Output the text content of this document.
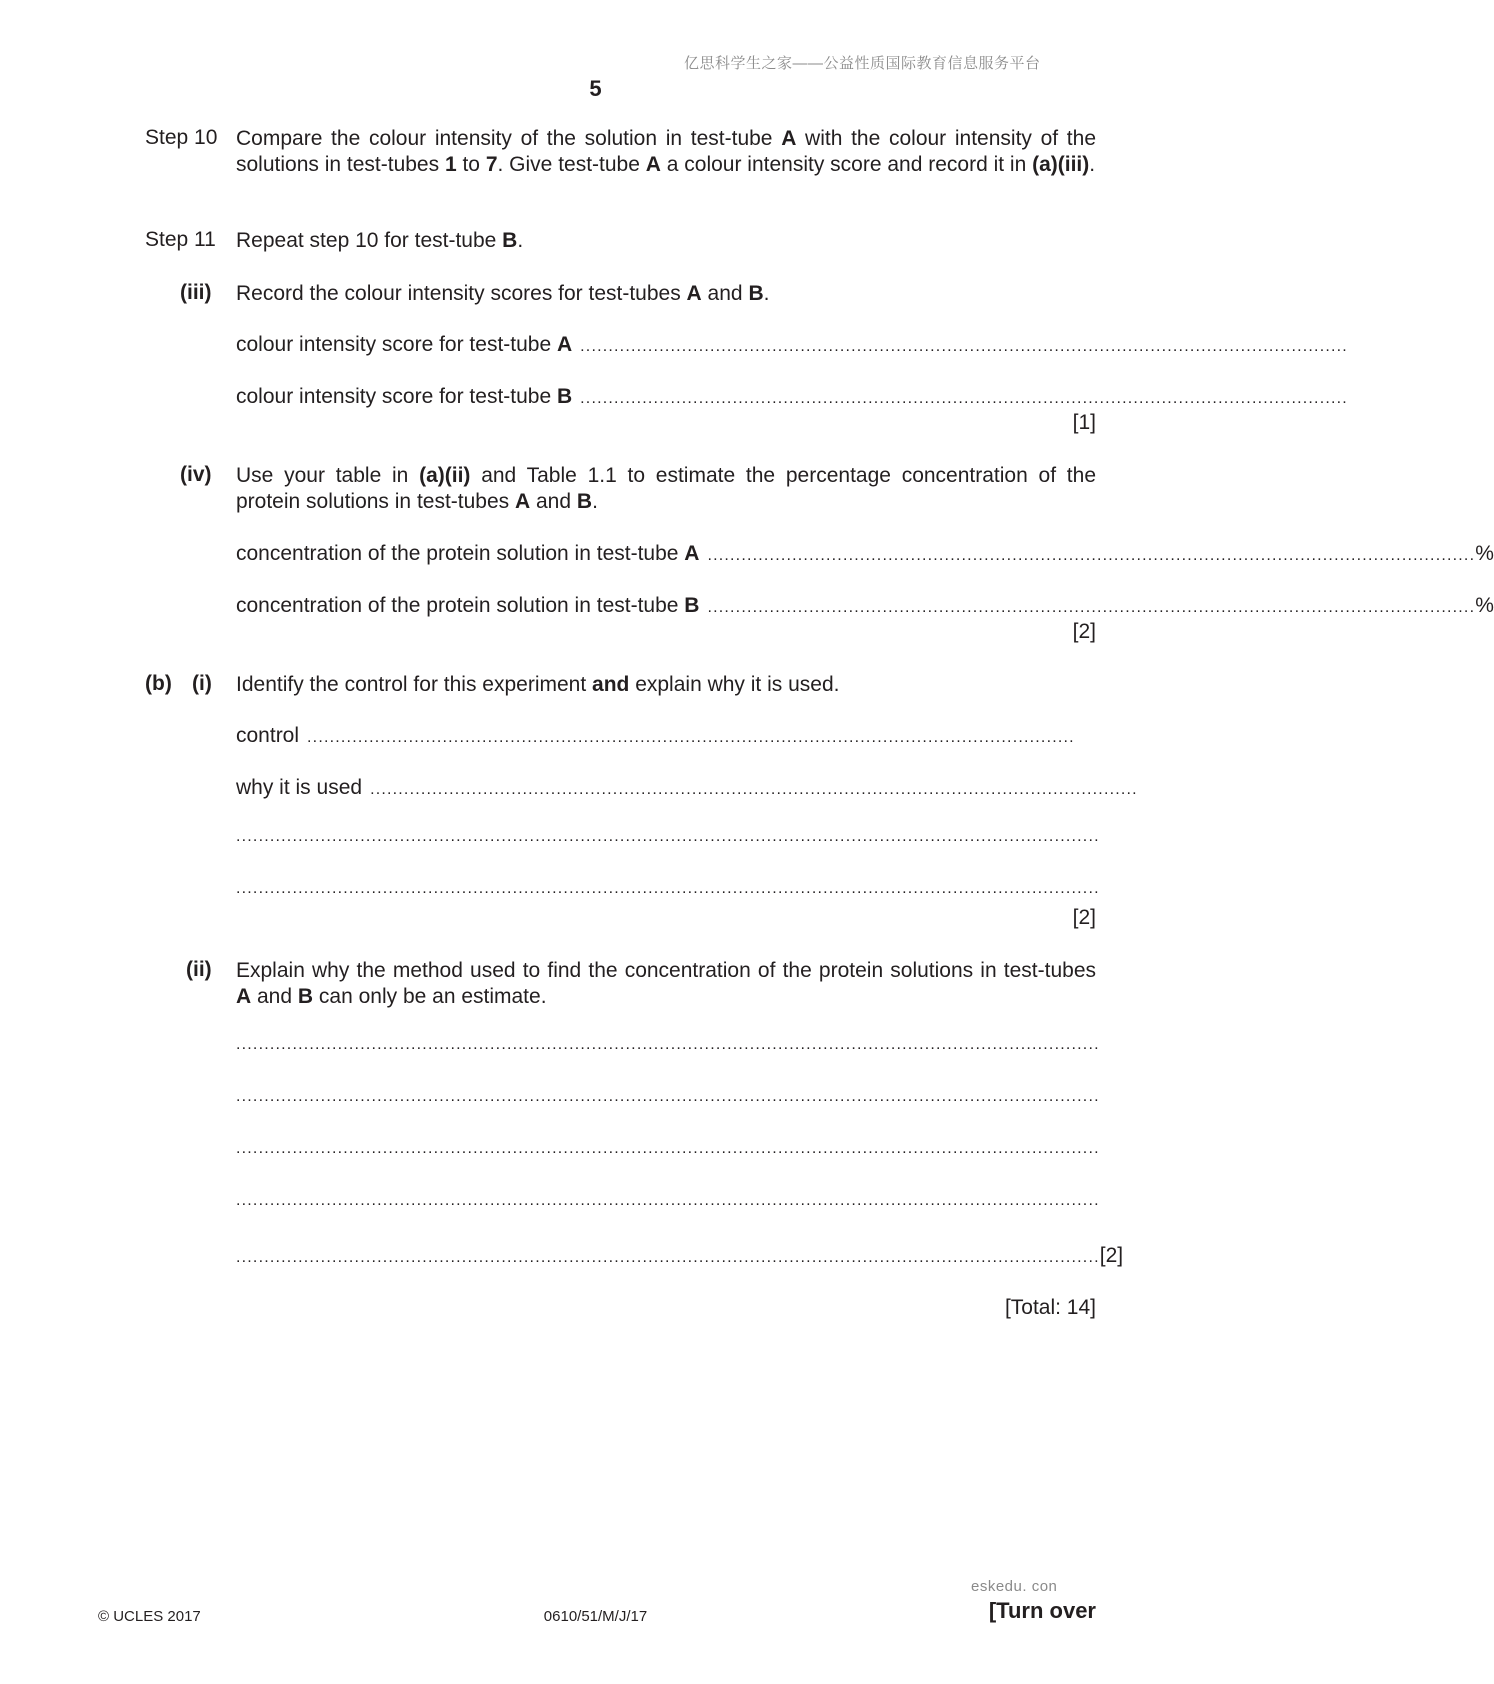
亿思科学生之家——公益性质国际教育信息服务平台
5
Step 10 Compare the colour intensity of the solution in test-tube A with the colour intensity of the solutions in test-tubes 1 to 7. Give test-tube A a colour intensity score and record it in (a)(iii).
Step 11 Repeat step 10 for test-tube B.
(iii) Record the colour intensity scores for test-tubes A and B.
colour intensity score for test-tube A ........................................................................................................................................
colour intensity score for test-tube B ........................................................................................................................................
[1]
(iv) Use your table in (a)(ii) and Table 1.1 to estimate the percentage concentration of the protein solutions in test-tubes A and B.
concentration of the protein solution in test-tube A ........................................................................................................................................ %
concentration of the protein solution in test-tube B ........................................................................................................................................ %
[2]
(b) (i) Identify the control for this experiment and explain why it is used.
control ........................................................................................................................................
why it is used ........................................................................................................................................
.........................................................................................................................................................
.........................................................................................................................................................
[2]
(ii) Explain why the method used to find the concentration of the protein solutions in test-tubes A and B can only be an estimate.
.........................................................................................................................................................
.........................................................................................................................................................
.........................................................................................................................................................
.........................................................................................................................................................
......................................................................................................................................................... [2]
[Total: 14]
eskedu. con
© UCLES 2017	0610/51/M/J/17	[Turn over
